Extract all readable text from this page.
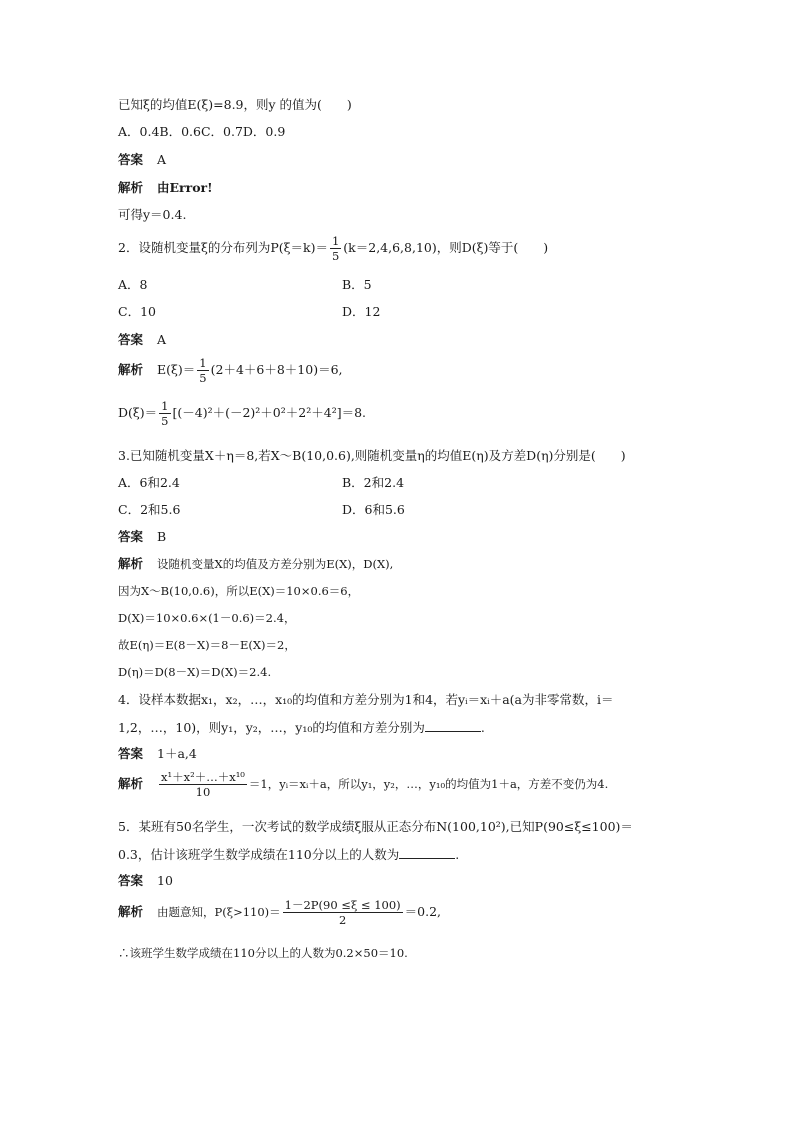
已知ξ的均值E(ξ)=8.9，则y 的值为(　　)
A．0.4B．0.6C．0.7D．0.9
答案 A
解析 由Error!
可得y＝0.4.
2．设随机变量ξ的分布列为$P(\xi=k)= \frac{1}{5} (k=2,4,6,8,10)$，则D(ξ)等于(　　)
A．8	B．5
C．10	D．12
答案 A
解析 $E(\xi)= \frac{1}{5} (2+4+6+8+10)=6$,
$D(\xi)= \frac{1}{5} [(-4)^2+(-2)^2+0^2+2^2+4^2]=8$.
3.已知随机变量X＋η＝8,若X～B(10,0.6),则随机变量η的均值E(η)及方差D(η)分别是(　　)
A．6和2.4	B．2和2.4
C．2和5.6	D．6和5.6
答案 B
解析 设随机变量X的均值及方差分别为E(X)，D(X),
因为X～B(10,0.6)，所以E(X)＝10×0.6＝6，
D(X)＝10×0.6×(1－0.6)＝2.4，
故E(η)＝E(8－X)＝8－E(X)＝2，
D(η)＝D(8－X)＝D(X)＝2.4.
4．设样本数据x₁，x₂，…，x₁₀的均值和方差分别为1和4，若yᵢ＝xᵢ＋a(a为非零常数，i＝
1,2，…，10)，则y₁，y₂，…，y₁₀的均值和方差分别为	.
答案 1＋a,4
解析 $\frac{\text{x¹＋x²＋…＋x¹⁰}}{10} =1$，yᵢ＝xᵢ＋a，所以y₁，y₂，…，y₁₀的均值为1＋a，方差不变仍为4.
5．某班有50名学生，一次考试的数学成绩ξ服从正态分布N(100,10²),已知P(90≤ξ≤100)＝
0.3，估计该班学生数学成绩在110分以上的人数为	.
答案 10
解析 由题意知，$P(\xi>110)= \frac{1-2P(90 \le\xi \le 100)}{2} =0.2$,
∴该班学生数学成绩在110分以上的人数为0.2×50＝10.
